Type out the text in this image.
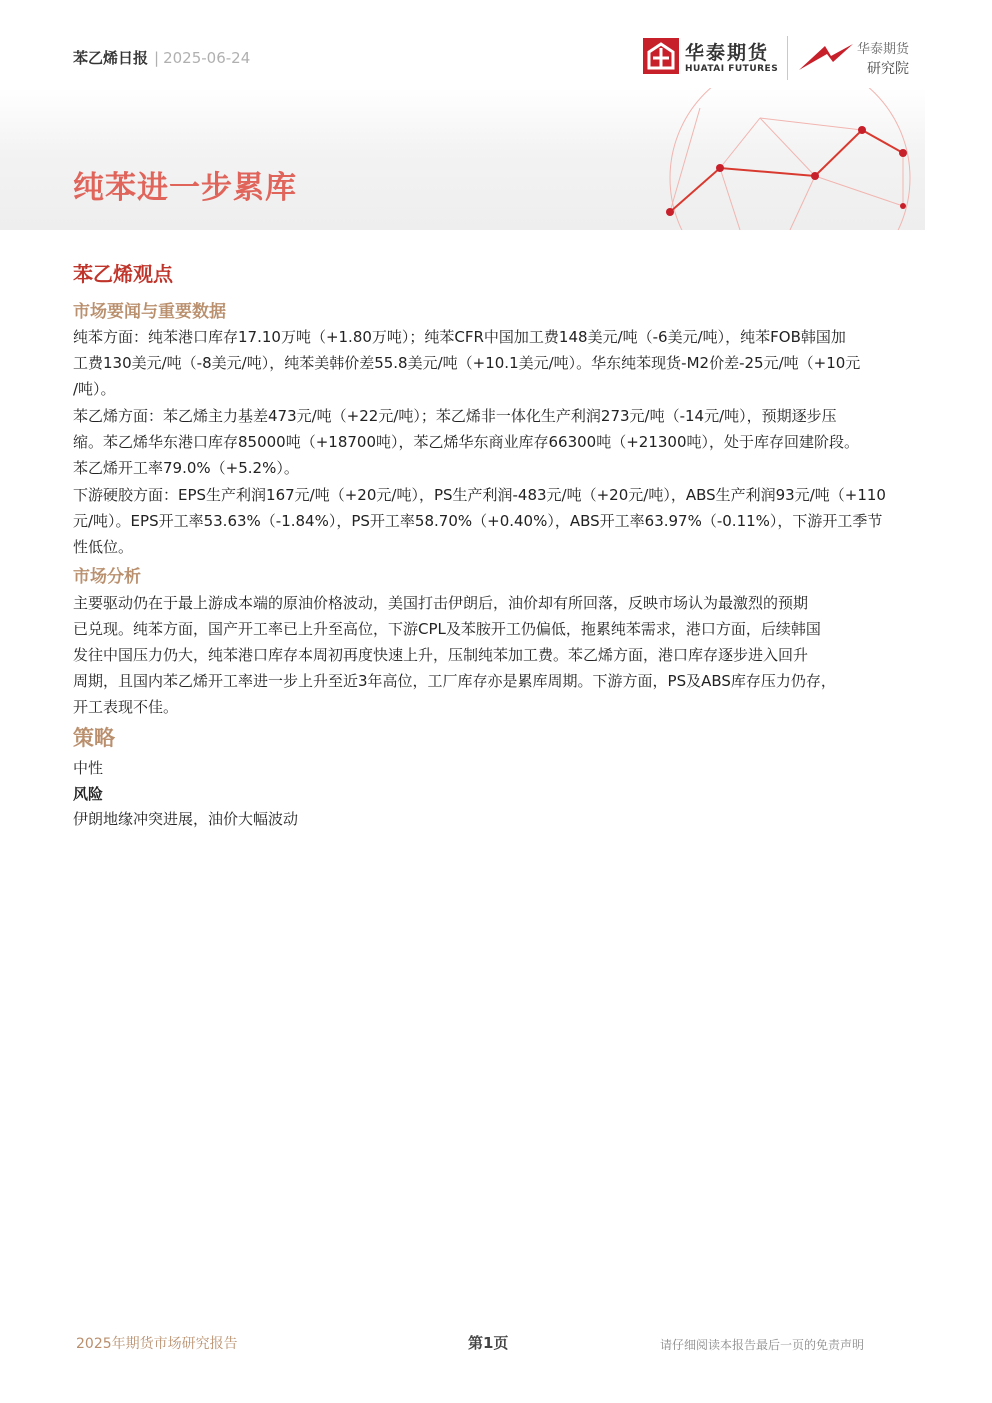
苯乙烯日报 | 2025-06-24	华泰期货
HUATAI FUTURES
华泰期货
研究院
纯苯进一步累库
苯乙烯观点
市场要闻与重要数据
纯苯方面：纯苯港口库存17.10万吨（+1.80万吨）；纯苯CFR中国加工费148美元/吨（-6美元/吨），纯苯FOB韩国加
工费130美元/吨（-8美元/吨），纯苯美韩价差55.8美元/吨（+10.1美元/吨）。华东纯苯现货-M2价差-25元/吨（+10元
/吨）。
苯乙烯方面：苯乙烯主力基差473元/吨（+22元/吨）；苯乙烯非一体化生产利润273元/吨（-14元/吨），预期逐步压
缩。苯乙烯华东港口库存85000吨（+18700吨），苯乙烯华东商业库存66300吨（+21300吨），处于库存回建阶段。
苯乙烯开工率79.0%（+5.2%）。
下游硬胶方面：EPS生产利润167元/吨（+20元/吨），PS生产利润-483元/吨（+20元/吨），ABS生产利润93元/吨（+110
元/吨）。EPS开工率53.63%（-1.84%），PS开工率58.70%（+0.40%），ABS开工率63.97%（-0.11%），下游开工季节
性低位。
市场分析
主要驱动仍在于最上游成本端的原油价格波动，美国打击伊朗后，油价却有所回落，反映市场认为最激烈的预期
已兑现。纯苯方面，国产开工率已上升至高位，下游CPL及苯胺开工仍偏低，拖累纯苯需求，港口方面，后续韩国
发往中国压力仍大，纯苯港口库存本周初再度快速上升，压制纯苯加工费。苯乙烯方面，港口库存逐步进入回升
周期，且国内苯乙烯开工率进一步上升至近3年高位，工厂库存亦是累库周期。下游方面，PS及ABS库存压力仍存，
开工表现不佳。
策略
中性
风险
伊朗地缘冲突进展，油价大幅波动
2025年期货市场研究报告	第1页	请仔细阅读本报告最后一页的免责声明
